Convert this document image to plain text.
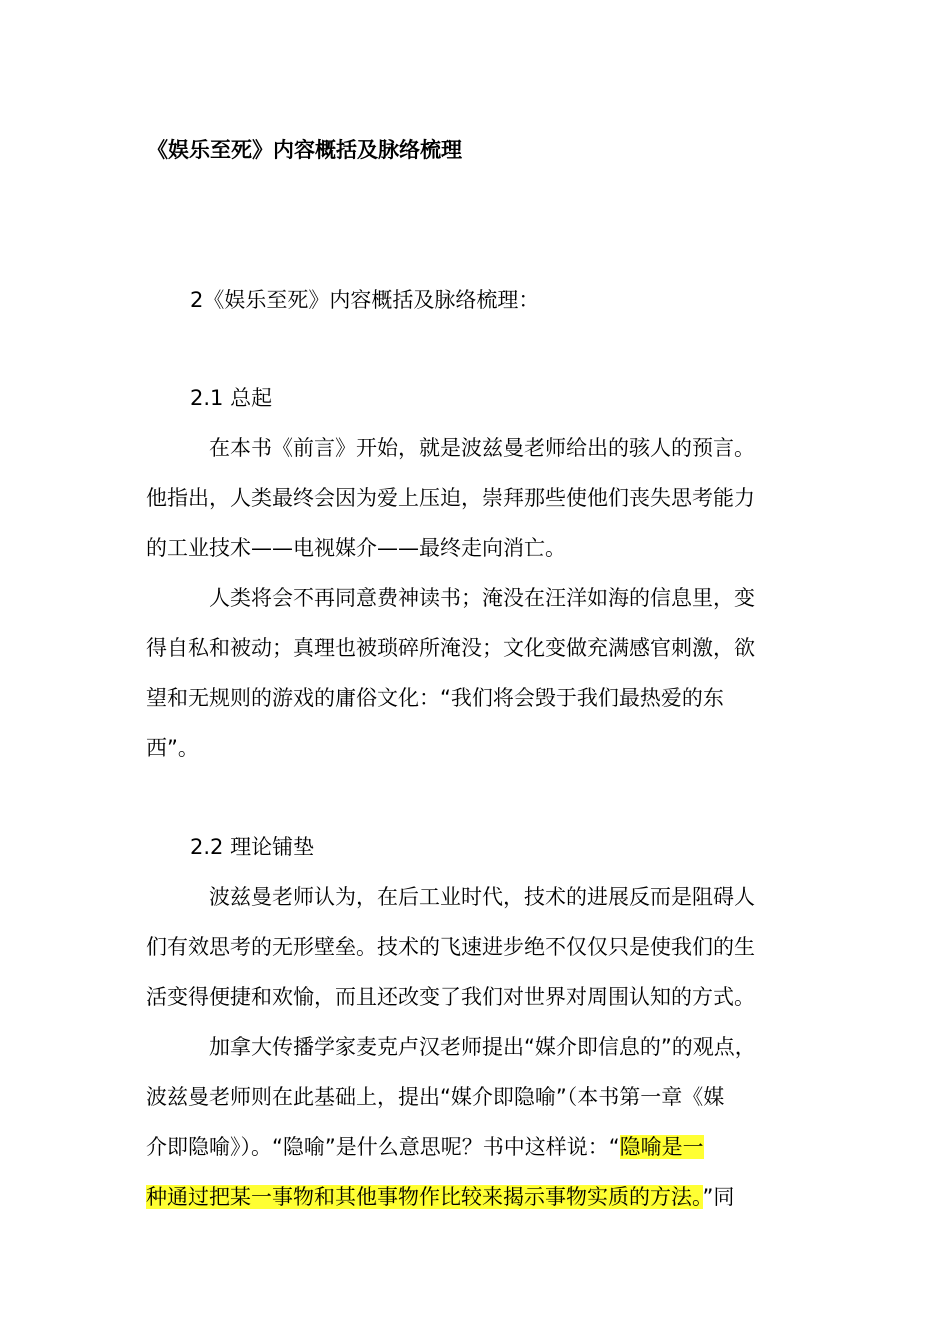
《娱乐至死》内容概括及脉络梳理
2《娱乐至死》内容概括及脉络梳理：
2.1 总起

在本书《前言》开始，就是波兹曼老师给出的骇人的预言。
他指出，人类最终会因为爱上压迫，崇拜那些使他们丧失思考能力
的工业技术——电视媒介——最终走向消亡。

人类将会不再同意费神读书；淹没在汪洋如海的信息里，变
得自私和被动；真理也被琐碎所淹没；文化变做充满感官刺激，欲
望和无规则的游戏的庸俗文化：“我们将会毁于我们最热爱的东
西”。

2.2 理论铺垫

波兹曼老师认为，在后工业时代，技术的进展反而是阻碍人
们有效思考的无形壁垒。技术的飞速进步绝不仅仅只是使我们的生
活变得便捷和欢愉，而且还改变了我们对世界对周围认知的方式。

加拿大传播学家麦克卢汉老师提出“媒介即信息的”的观点，
波兹曼老师则在此基础上，提出“媒介即隐喻”（本书第一章《媒
介即隐喻》）。“隐喻”是什么意思呢？书中这样说：“隐喻是一
种通过把某一事物和其他事物作比较来揭示事物实质的方法。”同
